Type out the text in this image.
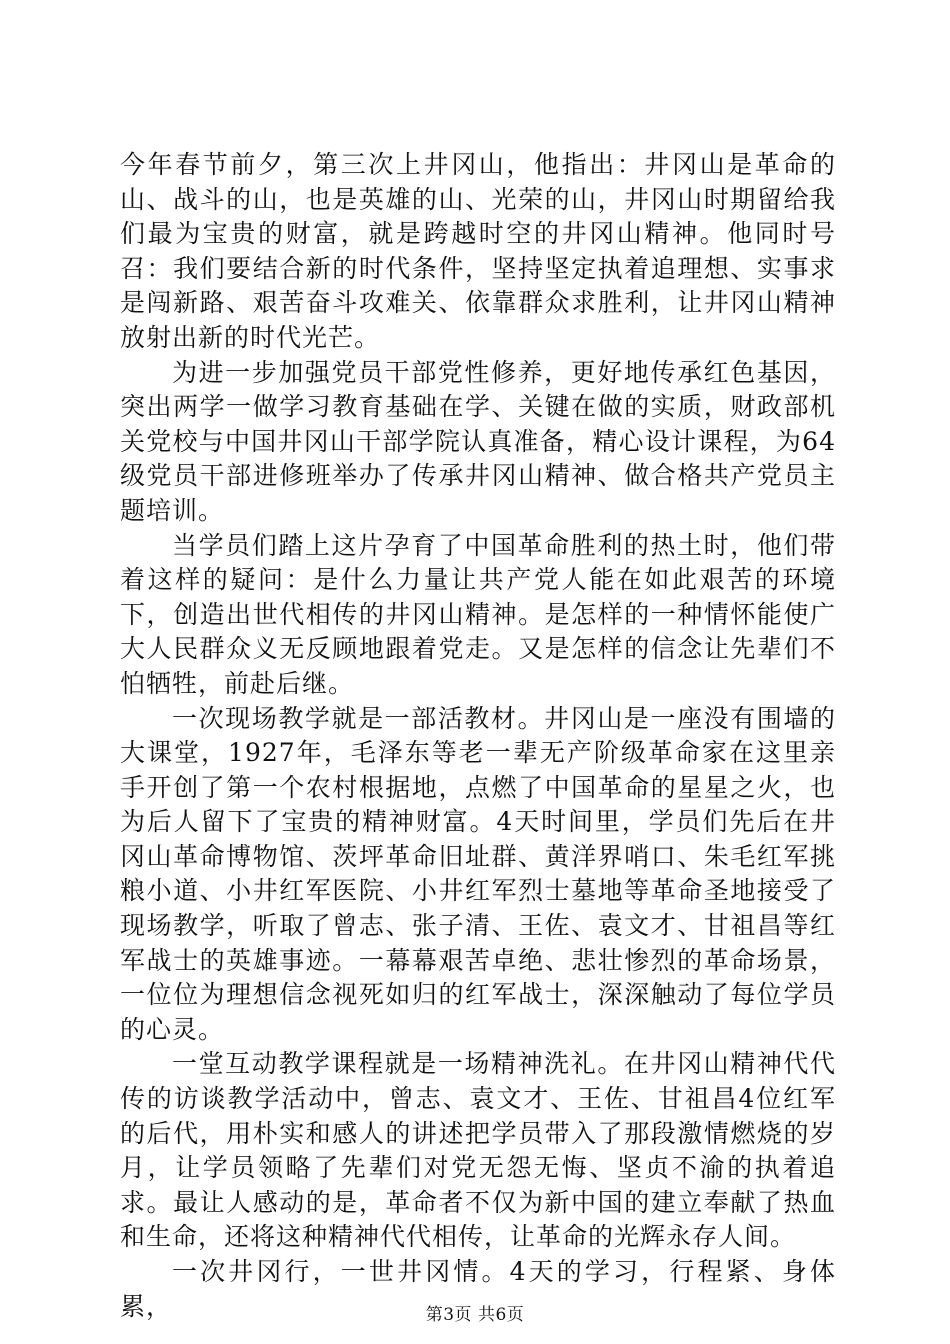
今年春节前夕，第三次上井冈山，他指出：井冈山是革命的山、战斗的山，也是英雄的山、光荣的山，井冈山时期留给我们最为宝贵的财富，就是跨越时空的井冈山精神。他同时号召：我们要结合新的时代条件，坚持坚定执着追理想、实事求是闯新路、艰苦奋斗攻难关、依靠群众求胜利，让井冈山精神放射出新的时代光芒。

为进一步加强党员干部党性修养，更好地传承红色基因，突出两学一做学习教育基础在学、关键在做的实质，财政部机关党校与中国井冈山干部学院认真准备，精心设计课程，为64级党员干部进修班举办了传承井冈山精神、做合格共产党员主题培训。

当学员们踏上这片孕育了中国革命胜利的热土时，他们带着这样的疑问：是什么力量让共产党人能在如此艰苦的环境下，创造出世代相传的井冈山精神。是怎样的一种情怀能使广大人民群众义无反顾地跟着党走。又是怎样的信念让先辈们不怕牺牲，前赴后继。

一次现场教学就是一部活教材。井冈山是一座没有围墙的大课堂，1927年，毛泽东等老一辈无产阶级革命家在这里亲手开创了第一个农村根据地，点燃了中国革命的星星之火，也为后人留下了宝贵的精神财富。4天时间里，学员们先后在井冈山革命博物馆、茨坪革命旧址群、黄洋界哨口、朱毛红军挑粮小道、小井红军医院、小井红军烈士墓地等革命圣地接受了现场教学，听取了曾志、张子清、王佐、袁文才、甘祖昌等红军战士的英雄事迹。一幕幕艰苦卓绝、悲壮惨烈的革命场景，一位位为理想信念视死如归的红军战士，深深触动了每位学员的心灵。

一堂互动教学课程就是一场精神洗礼。在井冈山精神代代传的访谈教学活动中，曾志、袁文才、王佐、甘祖昌4位红军的后代，用朴实和感人的讲述把学员带入了那段激情燃烧的岁月，让学员领略了先辈们对党无怨无悔、坚贞不渝的执着追求。最让人感动的是，革命者不仅为新中国的建立奉献了热血和生命，还将这种精神代代相传，让革命的光辉永存人间。

一次井冈行，一世井冈情。4天的学习，行程紧、身体累，	第3页 共6页
